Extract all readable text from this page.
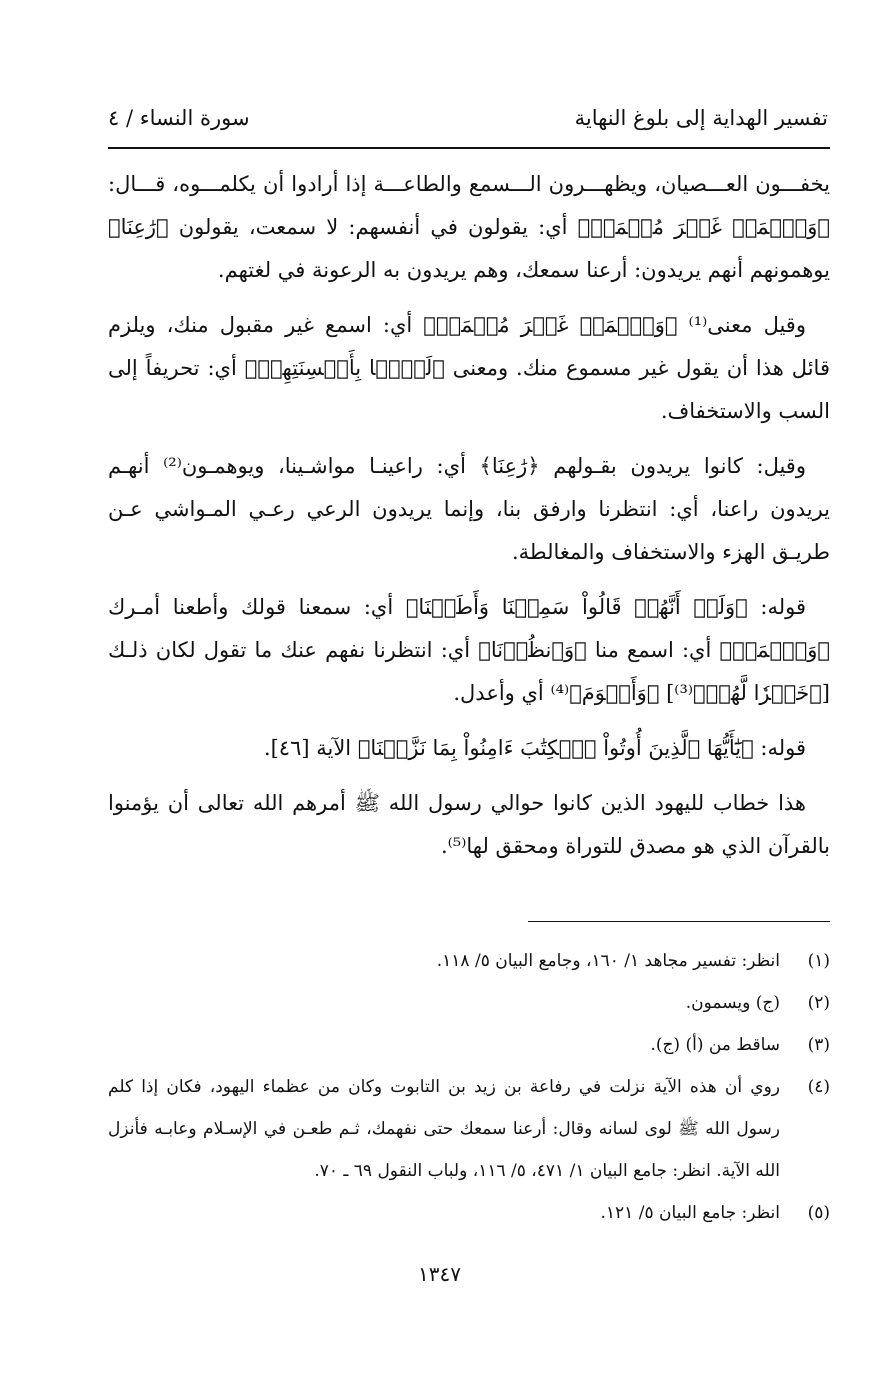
تفسير الهداية إلى بلوغ النهاية
سورة النساء / ٤

يخفـــون العـــصيان، ويظهـــرون الـــسمع والطاعـــة إذا أرادوا أن يكلمـــوه، قـــال: ﴿وَٱسۡمَعۡ غَيۡرَ مُسۡمَعٖ﴾ أي: يقولون في أنفسهم: لا سمعت، يقولون ﴿رَٰعِنَا﴾ يوهمونهم أنهم يريدون: أرعنا سمعك، وهم يريدون به الرعونة في لغتهم.

وقيل معنى⁽¹⁾ ﴿وَٱسۡمَعۡ غَيۡرَ مُسۡمَعٖ﴾ أي: اسمع غير مقبول منك، ويلزم قائل هذا أن يقول غير مسموع منك. ومعنى ﴿لَيَّۢا بِأَلۡسِنَتِهِمۡ﴾ أي: تحريفاً إلى السب والاستخفاف.

وقيل: كانوا يريدون بقـولهم ﴿رَٰعِنَا﴾ أي: راعينـا مواشـينا، ويوهمـون⁽²⁾ أنهـم يريدون راعنا، أي: انتظرنا وارفق بنا، وإنما يريدون الرعي رعـي المـواشي عـن طريـق الهزء والاستخفاف والمغالطة.

قوله: ﴿وَلَوۡ أَنَّهُمۡ قَالُواْ سَمِعۡنَا وَأَطَعۡنَا﴾ أي: سمعنا قولك وأطعنا أمـرك ﴿وَٱسۡمَعۡ﴾ أي: اسمع منا ﴿وَٱنظُرۡنَا﴾ أي: انتظرنا نفهم عنك ما تقول لكان ذلـك [﴿خَيۡرٗا لَّهُمۡ﴾⁽³⁾] ﴿وَأَقۡوَمَ﴾⁽⁴⁾ أي وأعدل.

قوله: ﴿يَٰٓأَيُّهَا ٱلَّذِينَ أُوتُواْ ٱلۡكِتَٰبَ ءَامِنُواْ بِمَا نَزَّلۡنَا﴾ الآية [٤٦].

هذا خطاب لليهود الذين كانوا حوالي رسول الله ﷺ أمرهم الله تعالى أن يؤمنوا بالقرآن الذي هو مصدق للتوراة ومحقق لها⁽⁵⁾.

(١)
انظر: تفسير مجاهد ١/ ١٦٠، وجامع البيان ٥/ ١١٨.
(٢)
(ج) ويسمون.
(٣)
ساقط من (أ) (ج).
(٤)
روي أن هذه الآية نزلت في رفاعة بن زيد بن التابوت وكان من عظماء اليهود، فكان إذا كلم رسول الله ﷺ لوى لسانه وقال: أرعنا سمعك حتى نفهمك، ثـم طعـن في الإسـلام وعابـه فأنزل الله الآية. انظر: جامع البيان ١/ ٤٧١، ٥/ ١١٦، ولباب النقول ٦٩ ـ ٧٠.
(٥)
انظر: جامع البيان ٥/ ١٢١.
١٣٤٧
